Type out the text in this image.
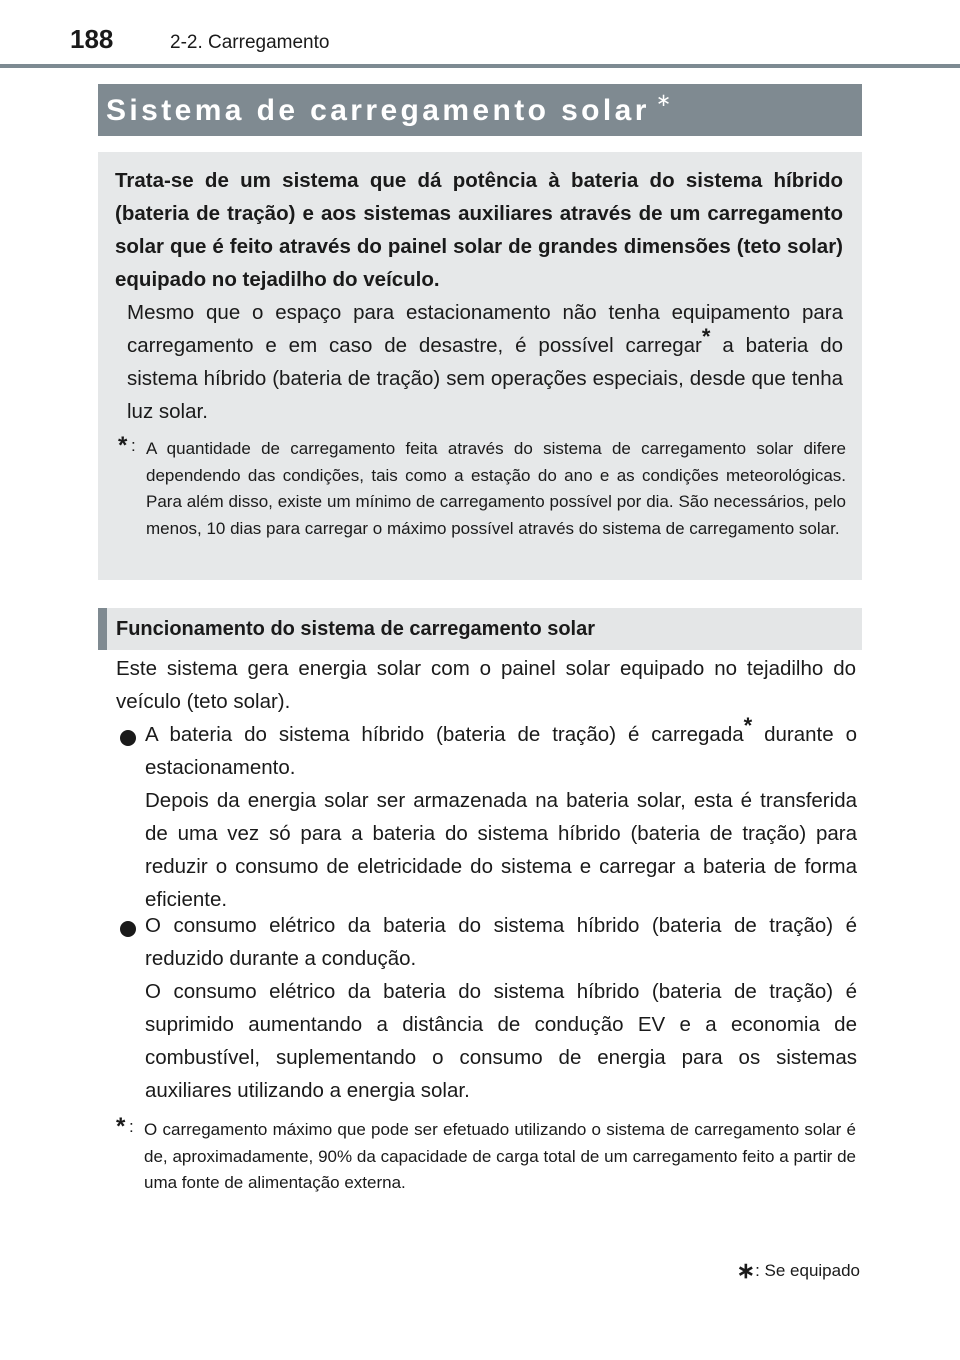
188	2-2. Carregamento
Sistema de carregamento solar ∗

Trata-se de um sistema que dá potência à bateria do sistema híbrido (bateria de tração) e aos sistemas auxiliares através de um carregamento solar que é feito através do painel solar de grandes dimensões (teto solar) equipado no tejadilho do veículo.

Mesmo que o espaço para estacionamento não tenha equipamento para carregamento e em caso de desastre, é possível carregar* a bateria do sistema híbrido (bateria de tração) sem operações especiais, desde que tenha luz solar.

* : A quantidade de carregamento feita através do sistema de carregamento solar difere dependendo das condições, tais como a estação do ano e as condições meteorológicas. Para além disso, existe um mínimo de carregamento possível por dia. São necessários, pelo menos, 10 dias para carregar o máximo possível através do sistema de carregamento solar.

Funcionamento do sistema de carregamento solar

Este sistema gera energia solar com o painel solar equipado no tejadilho do veículo (teto solar).

A bateria do sistema híbrido (bateria de tração) é carregada* durante o estacionamento.

Depois da energia solar ser armazenada na bateria solar, esta é transferida de uma vez só para a bateria do sistema híbrido (bateria de tração) para reduzir o consumo de eletricidade do sistema e carregar a bateria de forma eficiente.

O consumo elétrico da bateria do sistema híbrido (bateria de tração) é reduzido durante a condução.

O consumo elétrico da bateria do sistema híbrido (bateria de tração) é suprimido aumentando a distância de condução EV e a economia de combustível, suplementando o consumo de energia para os sistemas auxiliares utilizando a energia solar.

* : O carregamento máximo que pode ser efetuado utilizando o sistema de carregamento solar é de, aproximadamente, 90% da capacidade de carga total de um carregamento feito a partir de uma fonte de alimentação externa.

∗: Se equipado
